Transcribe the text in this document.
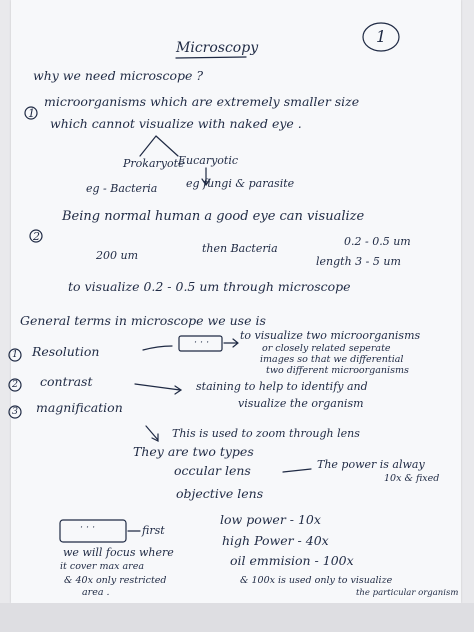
Microscopy
1
why we need microscope ?
1
microorganisms which are extremely smaller size
which cannot visualize with naked eye .
Prokaryote
Eucaryotic
eg - Bacteria	eg fungi & parasite
2
Being normal human a good eye can visualize
200 um
then Bacteria
0.2 - 0.5 um
length 3 - 5 um
to visualize 0.2 - 0.5 um through microscope
General terms in microscope we use is
1 Resolution
to visualize two microorganisms
or closely related seperate
images so that we differential
two different microorganisms
2 contrast	staining to help to identify and
visualize the organism
3 magnification
This is used to zoom through lens
They are two types
occular lens	The power is alway
10x & fixed
objective lens
first
we will focus where
it cover max area
& 40x only restricted
area .
low power - 10x
high Power - 40x
oil emmision - 100x
& 100x is used only to visualize
the particular organism
· · ·
· · ·
